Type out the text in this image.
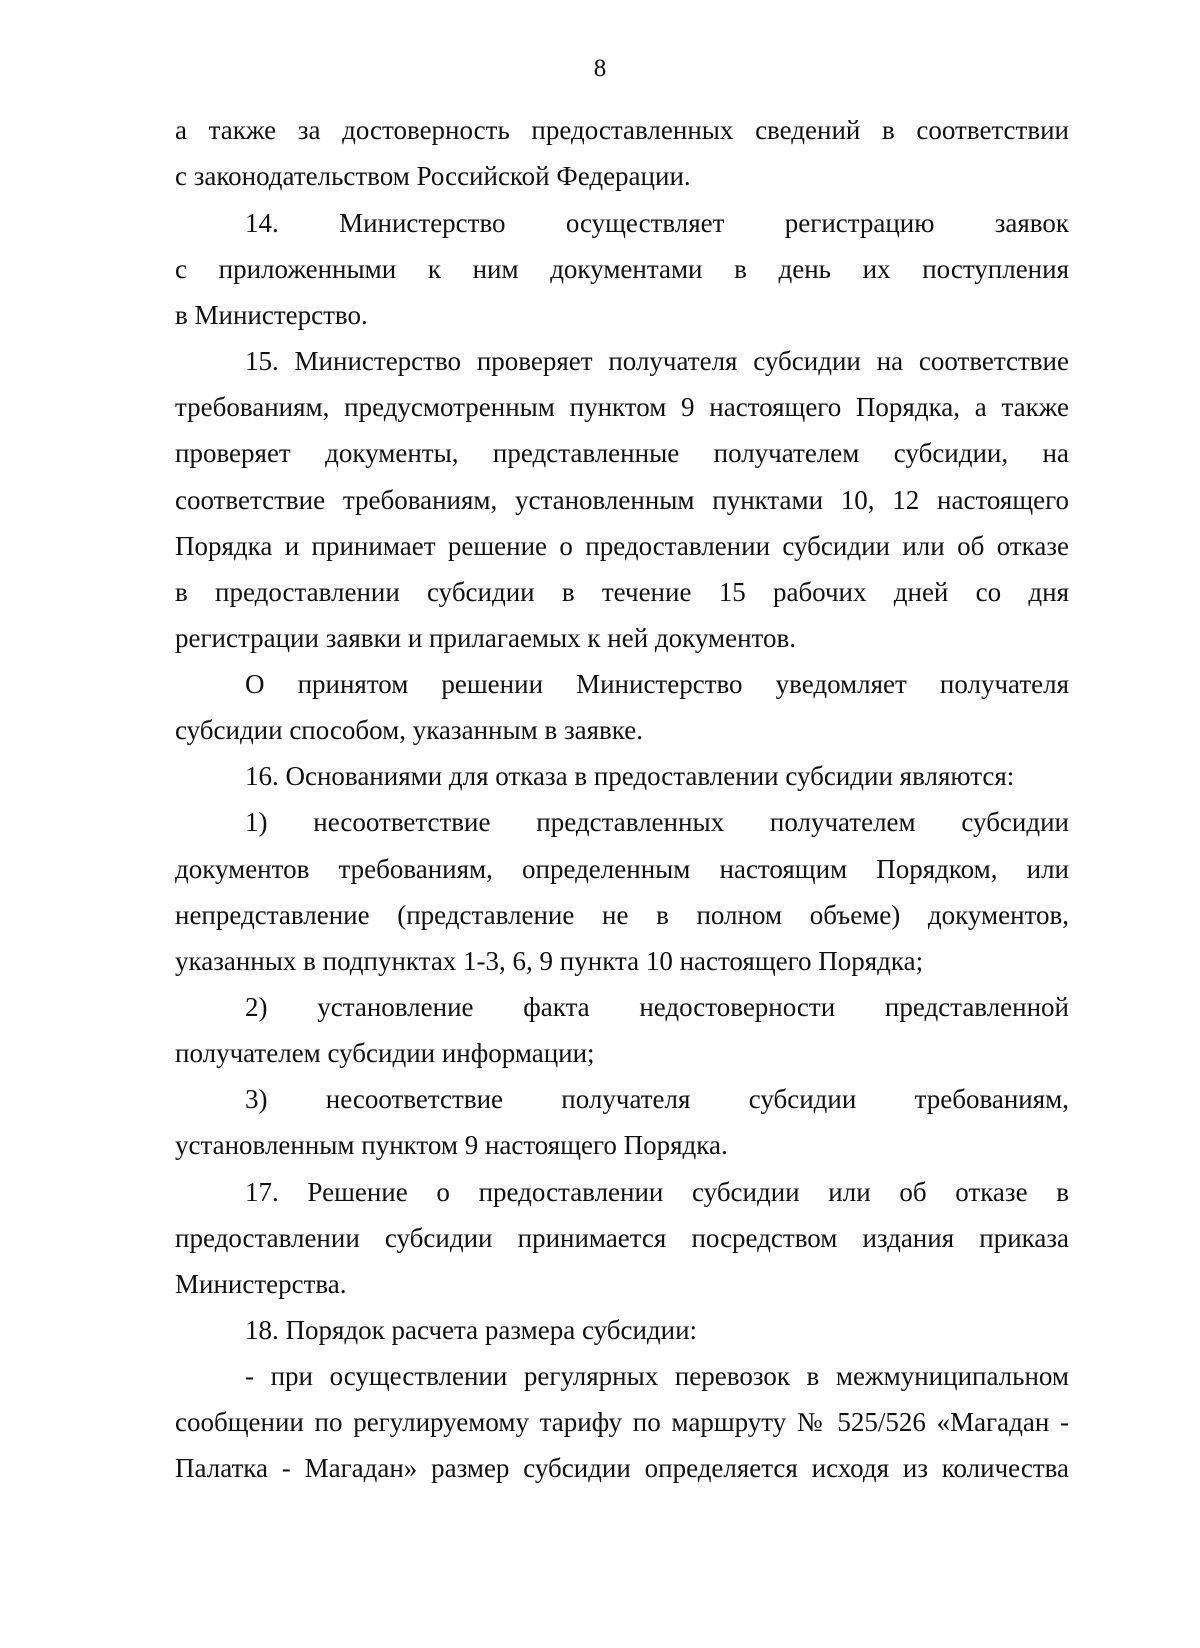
8
а также за достоверность предоставленных сведений в соответствии
с законодательством Российской Федерации.
14. Министерство осуществляет регистрацию заявок
с приложенными к ним документами в день их поступления
в Министерство.
15. Министерство проверяет получателя субсидии на соответствие
требованиям, предусмотренным пунктом 9 настоящего Порядка, а также
проверяет документы, представленные получателем субсидии, на
соответствие требованиям, установленным пунктами 10, 12 настоящего
Порядка и принимает решение о предоставлении субсидии или об отказе
в предоставлении субсидии в течение 15 рабочих дней со дня
регистрации заявки и прилагаемых к ней документов.
О принятом решении Министерство уведомляет получателя
субсидии способом, указанным в заявке.
16. Основаниями для отказа в предоставлении субсидии являются:
1) несоответствие представленных получателем субсидии
документов требованиям, определенным настоящим Порядком, или
непредставление (представление не в полном объеме) документов,
указанных в подпунктах 1-3, 6, 9 пункта 10 настоящего Порядка;
2) установление факта недостоверности представленной
получателем субсидии информации;
3) несоответствие получателя субсидии требованиям,
установленным пунктом 9 настоящего Порядка.
17. Решение о предоставлении субсидии или об отказе в
предоставлении субсидии принимается посредством издания приказа
Министерства.
18. Порядок расчета размера субсидии:
- при осуществлении регулярных перевозок в межмуниципальном
сообщении по регулируемому тарифу по маршруту № 525/526 «Магадан -
Палатка - Магадан» размер субсидии определяется исходя из количества
